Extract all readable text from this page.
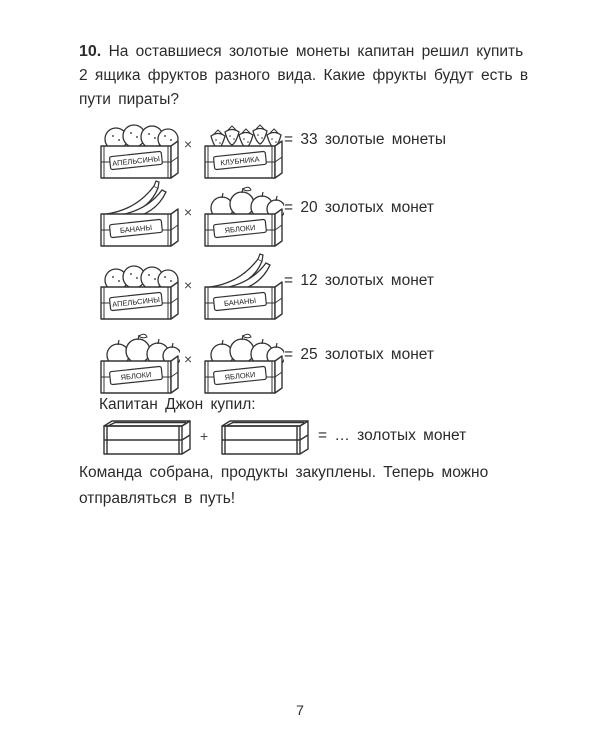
10. На оставшиеся золотые монеты капитан решил купить 2 ящика фруктов разного вида. Какие фрукты будут есть в пути пираты?
АПЕЛЬСИНЫ
×
КЛУБНИКА
= 33 золотые монеты
БАНАНЫ
×
ЯБЛОКИ
= 20 золотых монет
АПЕЛЬСИНЫ
×
БАНАНЫ
= 12 золотых монет
ЯБЛОКИ
×
ЯБЛОКИ
= 25 золотых монет
Капитан Джон купил:
+	= … золотых монет
Команда собрана, продукты закуплены. Теперь можно отправляться в путь!
7
